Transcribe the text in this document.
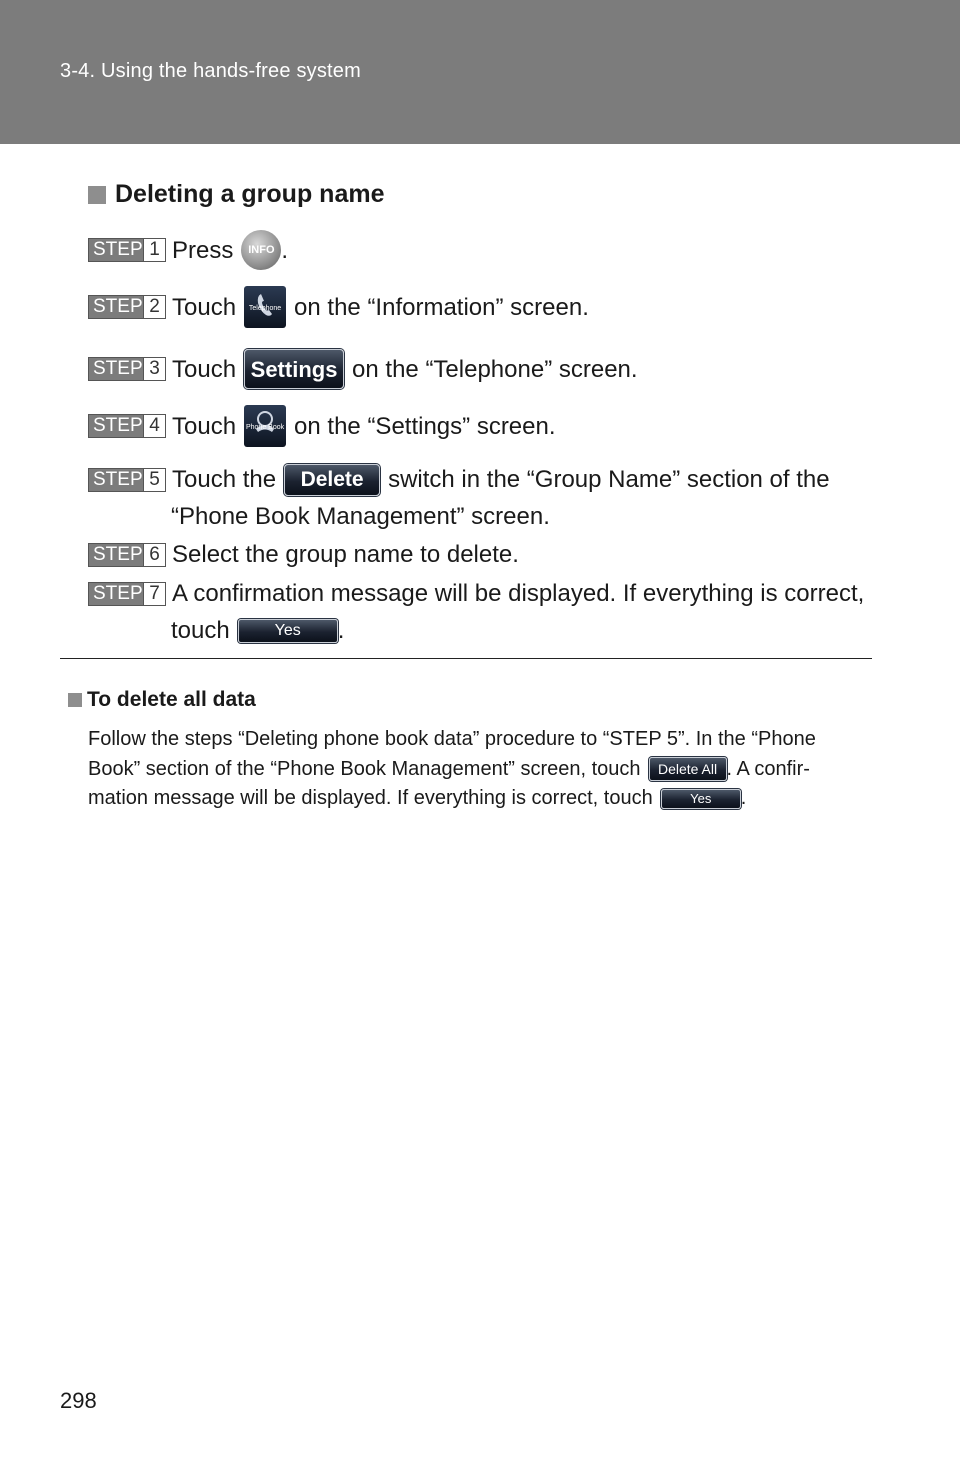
3-4. Using the hands-free system
Deleting a group name
STEP 1 Press INFO .
STEP 2 Touch	Telephone on the “Information” screen.
STEP 3 Touch Settings on the “Telephone” screen.
STEP 4 Touch Phone Book on the “Settings” screen.
STEP 5 Touch the	Delete	switch in the “Group Name” section of the
“Phone Book Management” screen.
STEP 6 Select the group name to delete.
STEP 7 A confirmation message will be displayed. If everything is correct,
touch	Yes	.
To delete all data
Follow the steps “Deleting phone book data” procedure to “STEP 5”. In the “Phone
Book” section of the “Phone Book Management” screen, touch	Delete All . A confir-
mation message will be displayed. If everything is correct, touch	Yes	.
298
